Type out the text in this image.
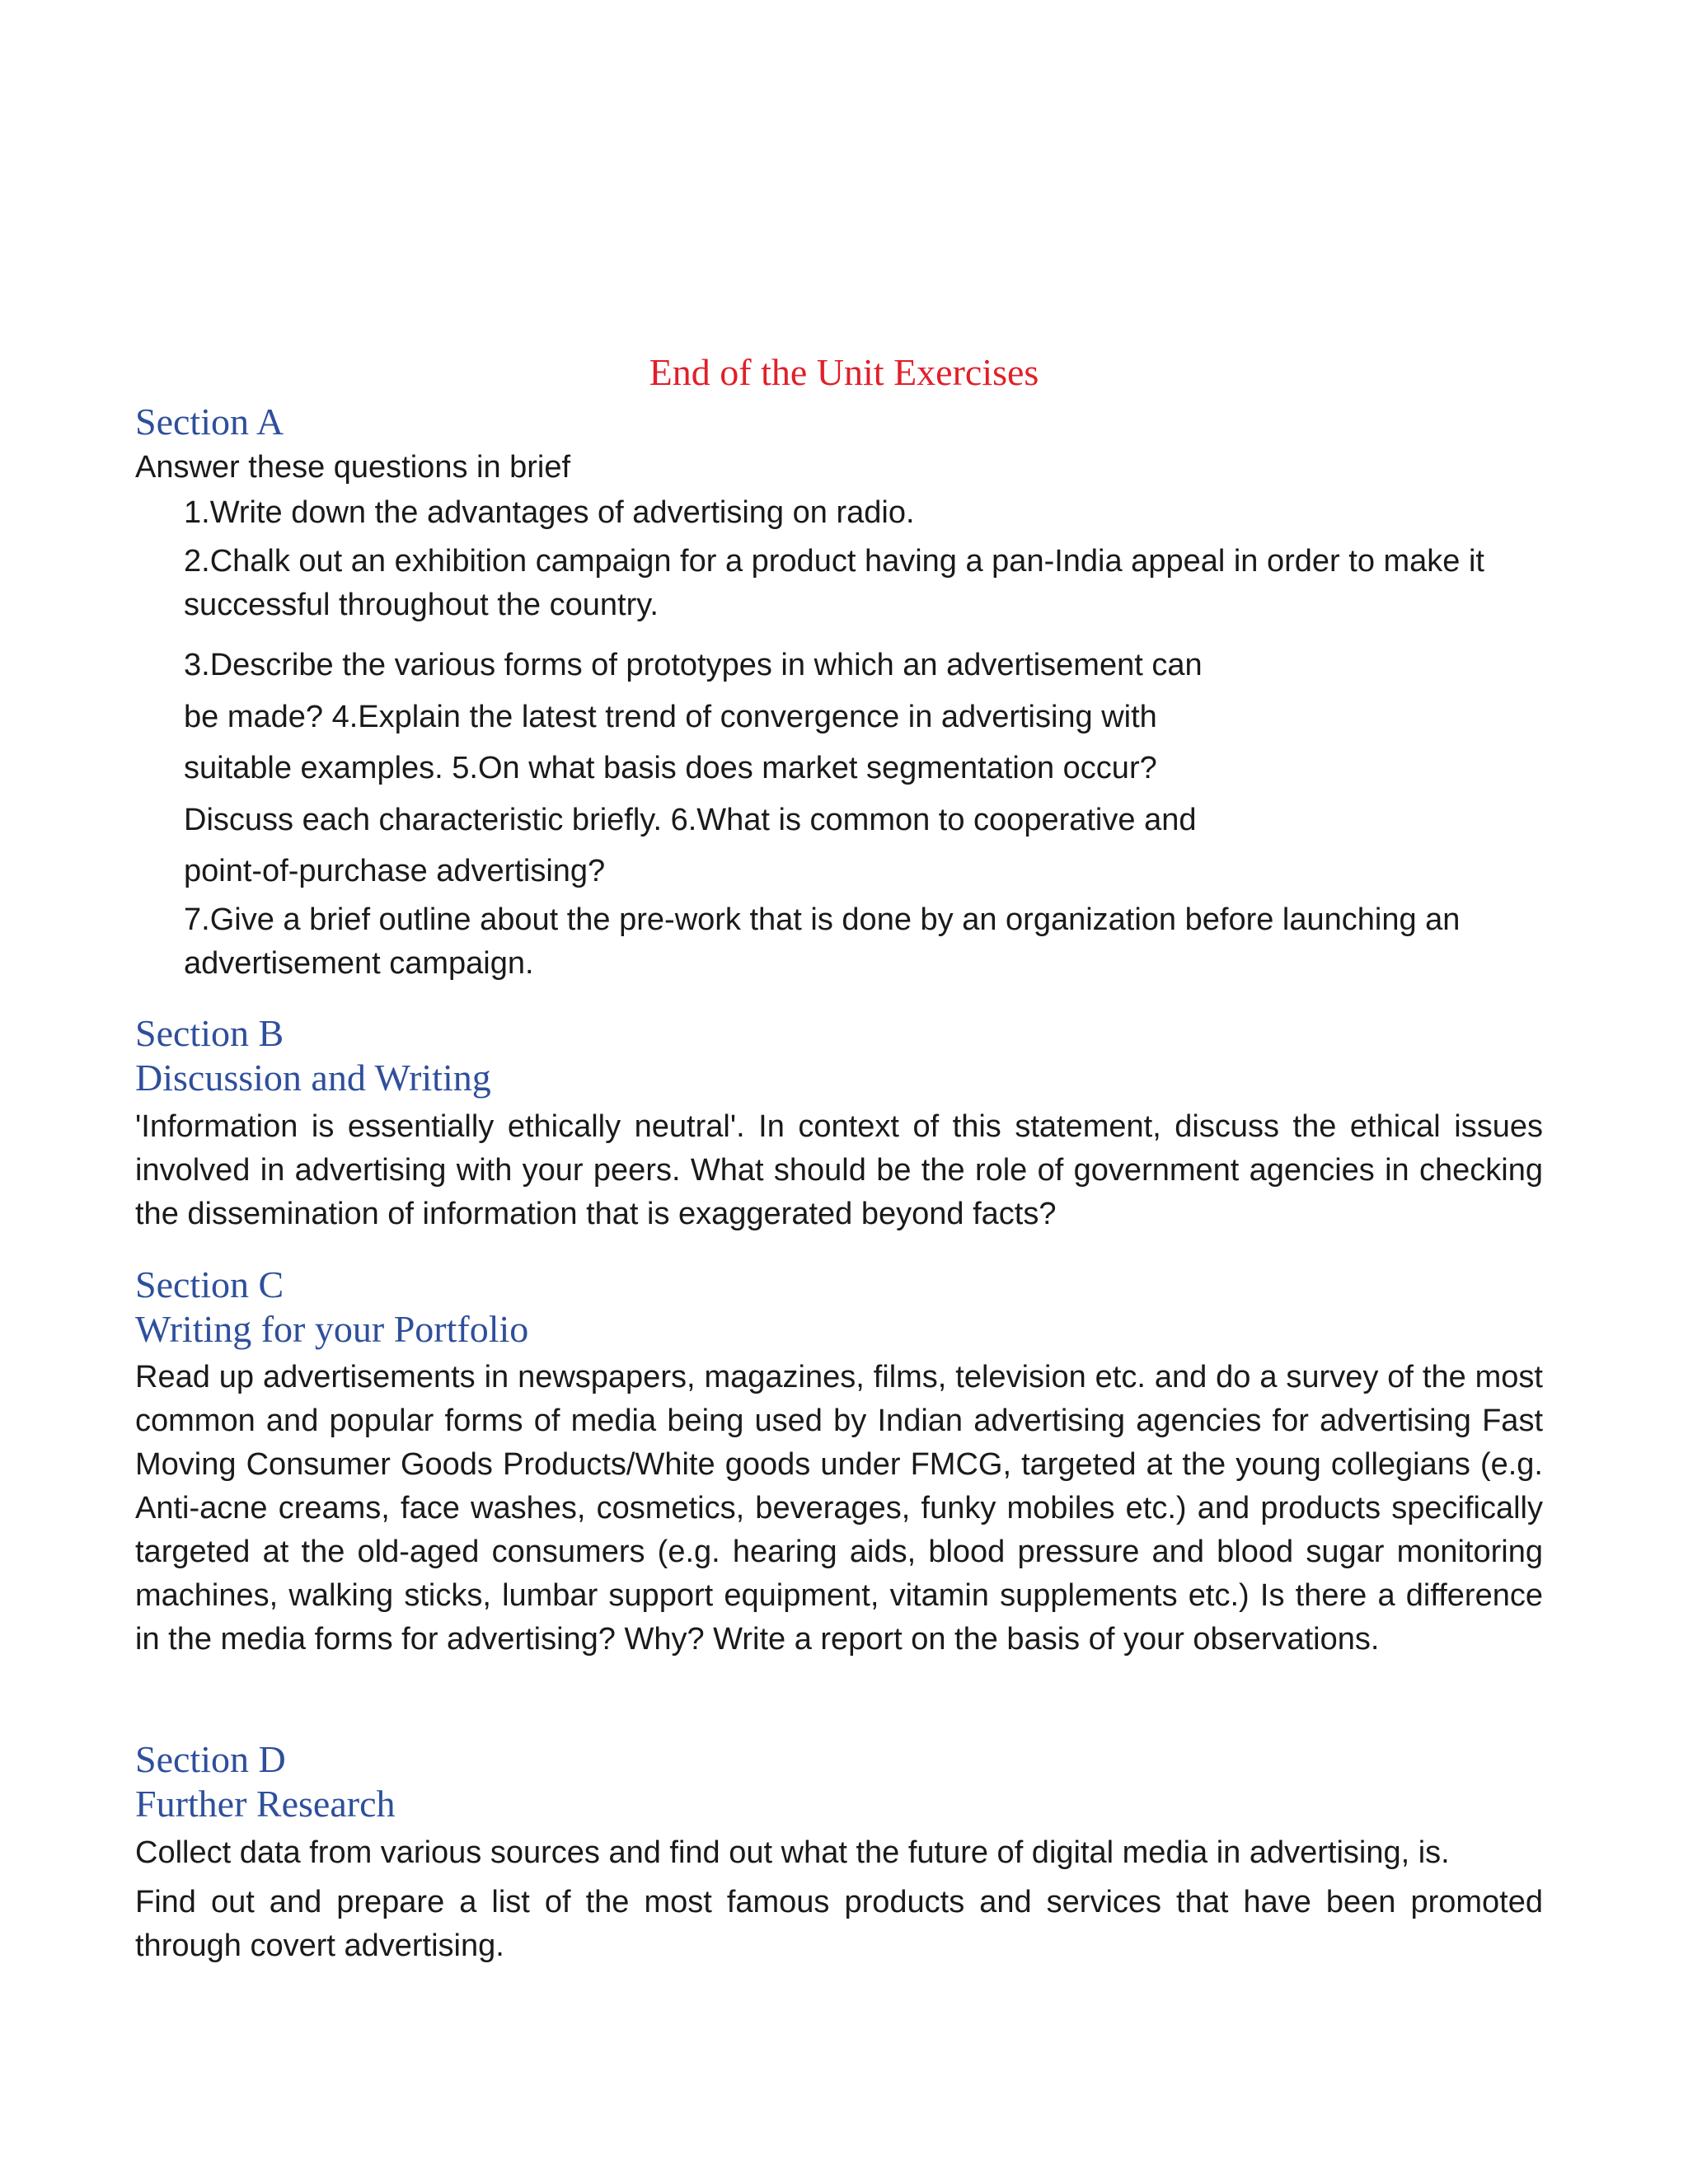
End of the Unit Exercises
Section A

Answer these questions in brief

1.Write down the advantages of advertising on radio.

2.Chalk out an exhibition campaign for a product having a pan-India appeal in order to make it successful throughout the country.

3.Describe the various forms of prototypes in which an advertisement can

be made? 4.Explain the latest trend of convergence in advertising with

suitable examples. 5.On what basis does market segmentation occur?

Discuss each characteristic briefly. 6.What is common to cooperative and

point-of-purchase advertising?

7.Give a brief outline about the pre-work that is done by an organization before launching an advertisement campaign.

Section B
Discussion and Writing

'Information is essentially ethically neutral'. In context of this statement, discuss the ethical issues involved in advertising with your peers. What should be the role of government agencies in checking the dissemination of information that is exaggerated beyond facts?

Section C
Writing for your Portfolio

Read up advertisements in newspapers, magazines, films, television etc. and do a survey of the most common and popular forms of media being used by Indian advertising agencies for advertising Fast Moving Consumer Goods Products/White goods under FMCG, targeted at the young collegians (e.g. Anti-acne creams, face washes, cosmetics, beverages, funky mobiles etc.) and products specifically targeted at the old-aged consumers (e.g. hearing aids, blood pressure and blood sugar monitoring machines, walking sticks, lumbar support equipment, vitamin supplements etc.) Is there a difference in the media forms for advertising? Why? Write a report on the basis of your observations.

Section D
Further Research

Collect data from various sources and find out what the future of digital media in advertising, is.

Find out and prepare a list of the most famous products and services that have been promoted through covert advertising.
